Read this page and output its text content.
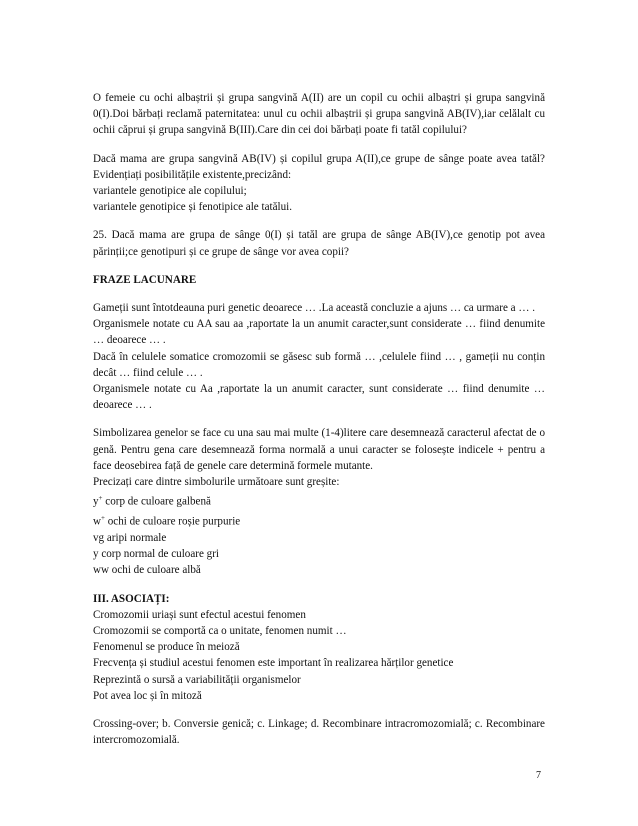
O femeie cu ochi albaștrii și grupa sangvină A(II) are un copil cu ochii albaștri și grupa sangvină 0(I).Doi bărbați reclamă paternitatea: unul cu ochii albaștrii și grupa sangvină AB(IV),iar celălalt cu ochii căprui și grupa sangvină B(III).Care din cei doi bărbați poate fi tatăl copilului?

Dacă mama are grupa sangvină AB(IV) și copilul grupa A(II),ce grupe de sânge poate avea tatăl?Evidențiați posibilitățile existente,precizând:

variantele genotipice ale copilului;

variantele genotipice și fenotipice ale tatălui.

25. Dacă mama are grupa de sânge 0(I) și tatăl are grupa de sânge AB(IV),ce genotip pot avea părinții;ce genotipuri și ce grupe de sânge vor avea copii?

FRAZE LACUNARE

Gameții sunt întotdeauna puri genetic deoarece … .La această concluzie a ajuns … ca urmare a … .

Organismele notate cu AA sau aa ,raportate la un anumit caracter,sunt considerate … fiind denumite … deoarece … .

Dacă în celulele somatice cromozomii se găsesc sub formă … ,celulele fiind … , gameții nu conțin decât … fiind celule … .

Organismele notate cu Aa ,raportate la un anumit caracter, sunt considerate … fiind denumite … deoarece … .

Simbolizarea genelor se face cu una sau mai multe (1-4)litere care desemnează caracterul afectat de o genă. Pentru gena care desemnează forma normală a unui caracter se folosește indicele + pentru a face deosebirea față de genele care determină formele mutante.

Precizați care dintre simbolurile următoare sunt greșite:

y+ corp de culoare galbenă

w+ ochi de culoare roșie purpurie

vg aripi normale

y corp normal de culoare gri

ww ochi de culoare albă

III. ASOCIAȚI:

Cromozomii uriași sunt efectul acestui fenomen

Cromozomii se comportă ca o unitate, fenomen numit …

Fenomenul se produce în meioză

Frecvența și studiul acestui fenomen este important în realizarea hărților genetice

Reprezintă o sursă a variabilității organismelor

Pot avea loc și în mitoză

Crossing-over; b. Conversie genică; c. Linkage; d. Recombinare intracromozomială; c. Recombinare intercromozomială.

7
